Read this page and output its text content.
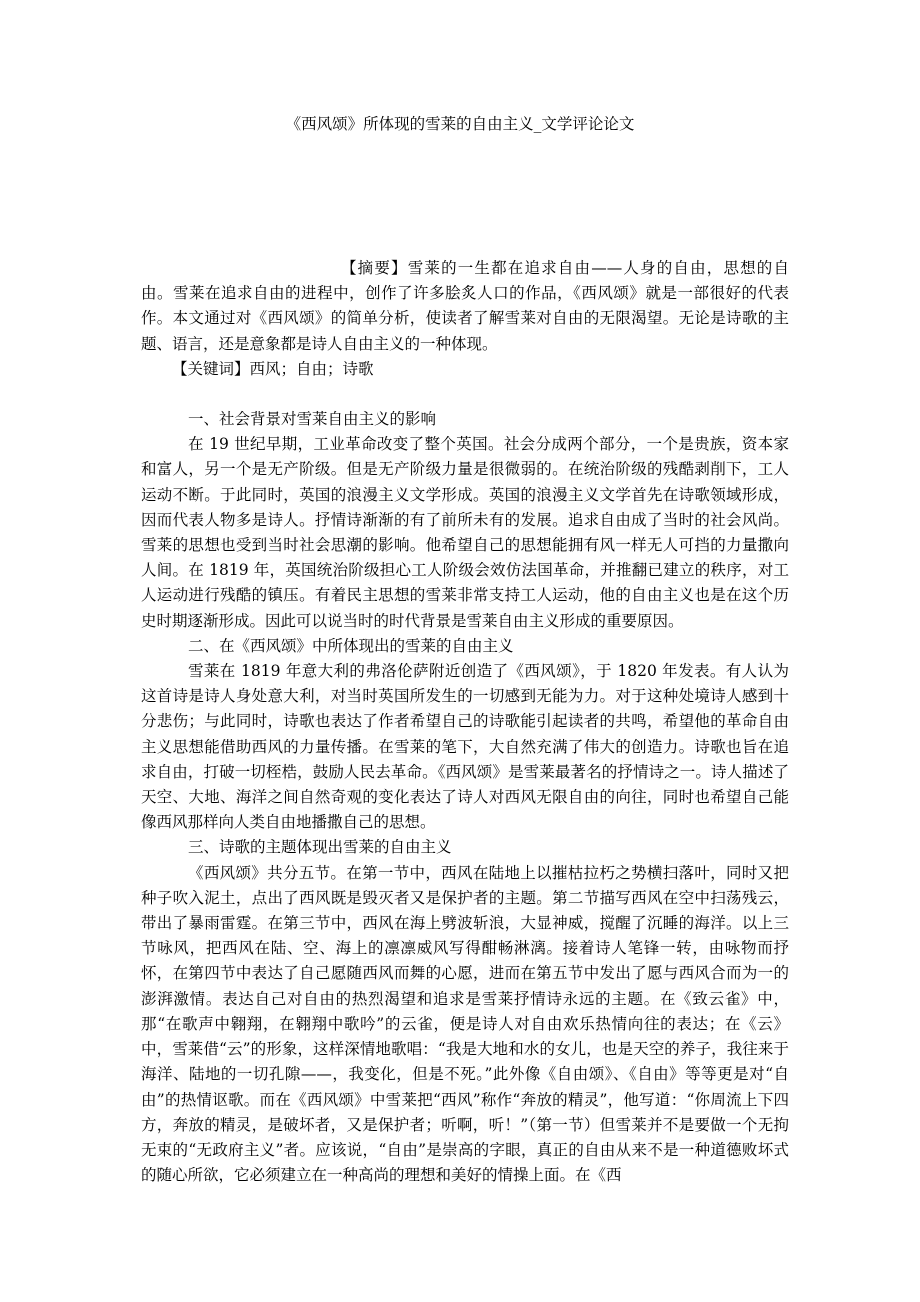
《西风颂》所体现的雪莱的自由主义_文学评论论文

【摘要】雪莱的一生都在追求自由——人身的自由，思想的自由。雪莱在追求自由的进程中，创作了许多脍炙人口的作品，《西风颂》就是一部很好的代表作。本文通过对《西风颂》的简单分析，使读者了解雪莱对自由的无限渴望。无论是诗歌的主题、语言，还是意象都是诗人自由主义的一种体现。

【关键词】西风；自由；诗歌

一、社会背景对雪莱自由主义的影响

在 19 世纪早期，工业革命改变了整个英国。社会分成两个部分，一个是贵族，资本家和富人，另一个是无产阶级。但是无产阶级力量是很微弱的。在统治阶级的残酷剥削下，工人运动不断。于此同时，英国的浪漫主义文学形成。英国的浪漫主义文学首先在诗歌领域形成，因而代表人物多是诗人。抒情诗渐渐的有了前所未有的发展。追求自由成了当时的社会风尚。雪莱的思想也受到当时社会思潮的影响。他希望自己的思想能拥有风一样无人可挡的力量撒向人间。在 1819 年，英国统治阶级担心工人阶级会效仿法国革命，并推翻已建立的秩序，对工人运动进行残酷的镇压。有着民主思想的雪莱非常支持工人运动，他的自由主义也是在这个历史时期逐渐形成。因此可以说当时的时代背景是雪莱自由主义形成的重要原因。

二、在《西风颂》中所体现出的雪莱的自由主义

雪莱在 1819 年意大利的弗洛伦萨附近创造了《西风颂》，于 1820 年发表。有人认为这首诗是诗人身处意大利，对当时英国所发生的一切感到无能为力。对于这种处境诗人感到十分悲伤；与此同时，诗歌也表达了作者希望自己的诗歌能引起读者的共鸣，希望他的革命自由主义思想能借助西风的力量传播。在雪莱的笔下，大自然充满了伟大的创造力。诗歌也旨在追求自由，打破一切桎梏，鼓励人民去革命。《西风颂》是雪莱最著名的抒情诗之一。诗人描述了天空、大地、海洋之间自然奇观的变化表达了诗人对西风无限自由的向往，同时也希望自己能像西风那样向人类自由地播撒自己的思想。

三、诗歌的主题体现出雪莱的自由主义

《西风颂》共分五节。在第一节中，西风在陆地上以摧枯拉朽之势横扫落叶，同时又把种子吹入泥土，点出了西风既是毁灭者又是保护者的主题。第二节描写西风在空中扫荡残云，带出了暴雨雷霆。在第三节中，西风在海上劈波斩浪，大显神威，搅醒了沉睡的海洋。以上三节咏风，把西风在陆、空、海上的凛凛威风写得酣畅淋漓。接着诗人笔锋一转，由咏物而抒怀，在第四节中表达了自己愿随西风而舞的心愿，进而在第五节中发出了愿与西风合而为一的澎湃激情。表达自己对自由的热烈渴望和追求是雪莱抒情诗永远的主题。在《致云雀》中，那“在歌声中翱翔，在翱翔中歌吟”的云雀，便是诗人对自由欢乐热情向往的表达；在《云》中，雪莱借“云”的形象，这样深情地歌唱：“我是大地和水的女儿，也是天空的养子，我往来于海洋、陆地的一切孔隙——，我变化，但是不死。”此外像《自由颂》、《自由》等等更是对“自由”的热情讴歌。而在《西风颂》中雪莱把“西风”称作“奔放的精灵”，他写道：“你周流上下四方，奔放的精灵，是破坏者，又是保护者；听啊，听！”（第一节）但雪莱并不是要做一个无拘无束的“无政府主义”者。应该说，“自由”是崇高的字眼，真正的自由从来不是一种道德败坏式的随心所欲，它必须建立在一种高尚的理想和美好的情操上面。在《西
